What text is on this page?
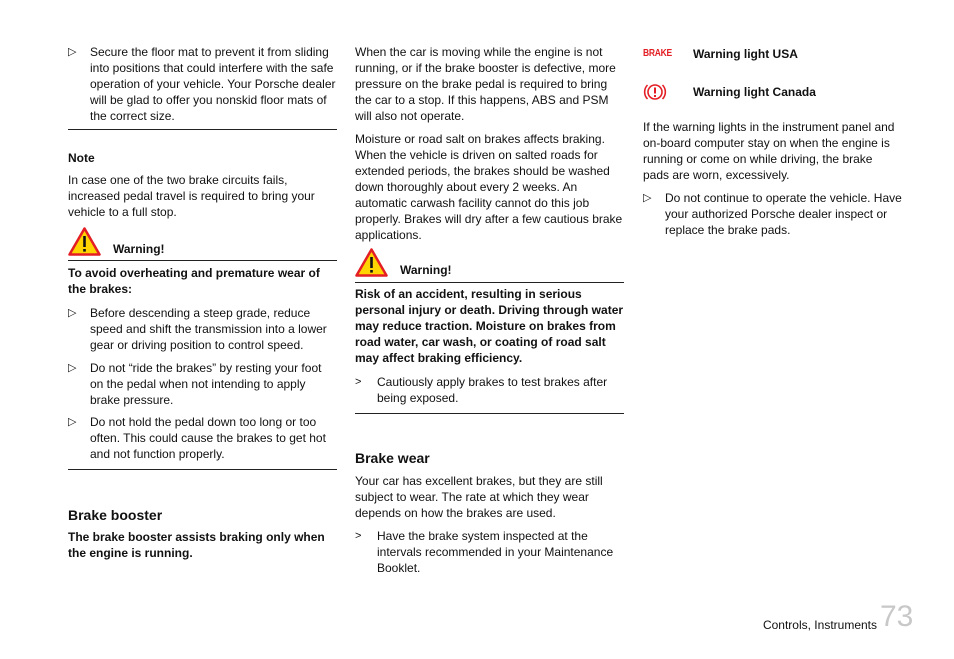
▷	Secure the floor mat to prevent it from sliding into positions that could interfere with the safe operation of your vehicle. Your Porsche dealer will be glad to offer you nonskid floor mats of the correct size.

Note

In case one of the two brake circuits fails, increased pedal travel is required to bring your vehicle to a full stop.

Warning!

To avoid overheating and premature wear of the brakes:

▷	Before descending a steep grade, reduce speed and shift the transmission into a lower gear or driving position to control speed.
▷	Do not “ride the brakes” by resting your foot on the pedal when not intending to apply brake pressure.
▷	Do not hold the pedal down too long or too often. This could cause the brakes to get hot and not function properly.

Brake booster

The brake booster assists braking only when the engine is running.

When the car is moving while the engine is not running, or if the brake booster is defective, more pressure on the brake pedal is required to bring the car to a stop. If this happens, ABS and PSM will also not operate.

Moisture or road salt on brakes affects braking. When the vehicle is driven on salted roads for extended periods, the brakes should be washed down thoroughly about every 2 weeks. An automatic carwash facility cannot do this job properly. Brakes will dry after a few cautious brake applications.

Warning!

Risk of an accident, resulting in serious personal injury or death. Driving through water may reduce traction. Moisture on brakes from road water, car wash, or coating of road salt may affect braking efficiency.

>	Cautiously apply brakes to test brakes after being exposed.

Brake wear

Your car has excellent brakes, but they are still subject to wear. The rate at which they wear depends on how the brakes are used.

>	Have the brake system inspected at the intervals recommended in your Maintenance Booklet.
BRAKE Warning light USA
Warning light Canada

If the warning lights in the instrument panel and on-board computer stay on when the engine is running or come on while driving, the brake pads are worn, excessively.

▷	Do not continue to operate the vehicle. Have your authorized Porsche dealer inspect or replace the brake pads.
Controls, Instruments 73
